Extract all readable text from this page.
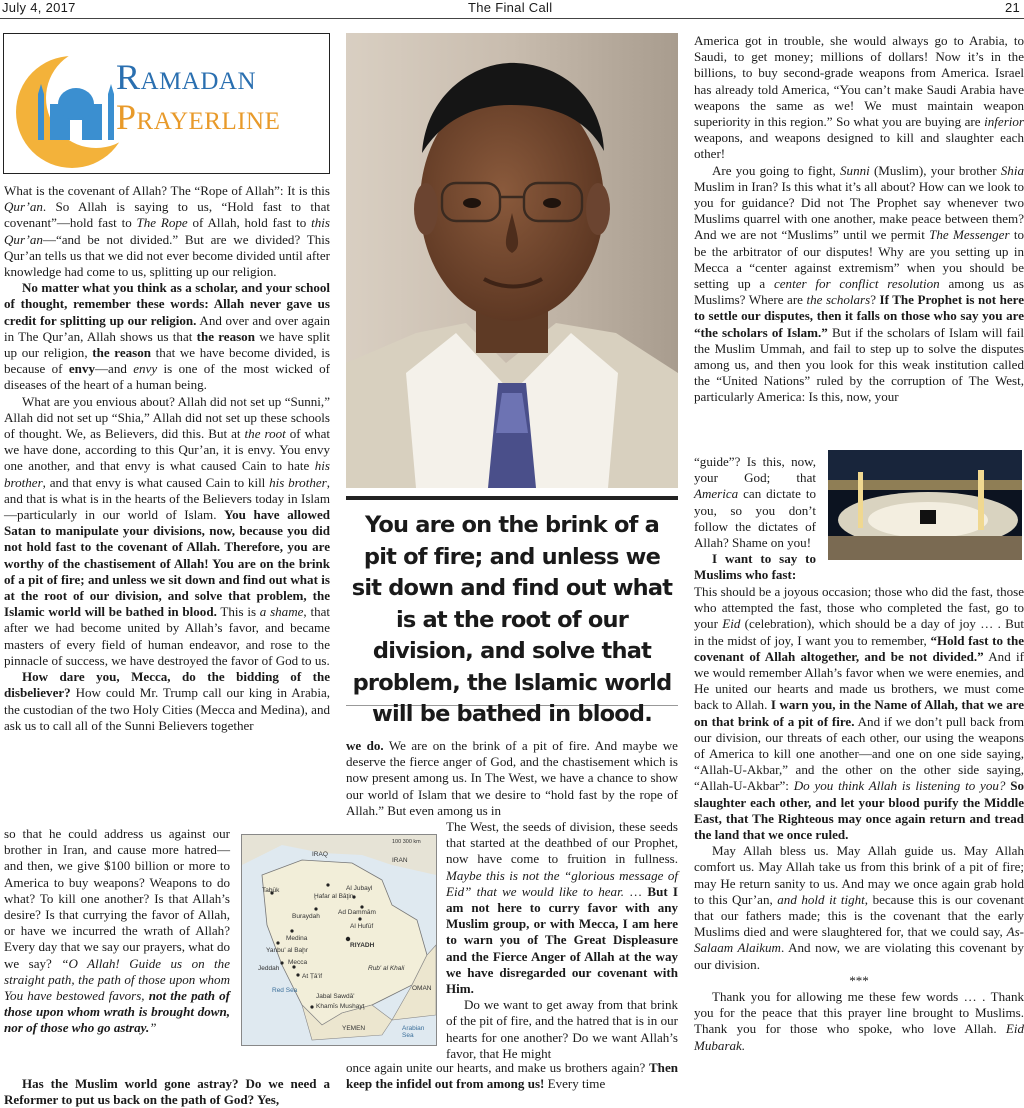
July 4, 2017	The Final Call	21
Ramadan
Prayerline

What is the covenant of Allah? The “Rope of Allah”: It is this Qur’an. So Allah is saying to us, “Hold fast to that covenant”—hold fast to The Rope of Allah, hold fast to this Qur’an—“and be not divided.” But are we divided? This Qur’an tells us that we did not ever become divided until after knowledge had come to us, splitting up our religion.

No matter what you think as a scholar, and your school of thought, remember these words: Allah never gave us credit for splitting up our religion. And over and over again in The Qur’an, Allah shows us that the reason we have split up our religion, the reason that we have become divided, is because of envy—and envy is one of the most wicked of diseases of the heart of a human being.

What are you envious about? Allah did not set up “Sunni,” Allah did not set up “Shia,” Allah did not set up these schools of thought. We, as Believers, did this. But at the root of what we have done, according to this Qur’an, it is envy. You envy one another, and that envy is what caused Cain to hate his brother, and that envy is what caused Cain to kill his brother, and that is what is in the hearts of the Believers today in Islam—particularly in our world of Islam. You have allowed Satan to manipulate your divisions, now, because you did not hold fast to the covenant of Allah. Therefore, you are worthy of the chastisement of Allah! You are on the brink of a pit of fire; and unless we sit down and find out what is at the root of our division, and solve that problem, the Islamic world will be bathed in blood. This is a shame, that after we had become united by Allah’s favor, and became masters of every field of human endeavor, and rose to the pinnacle of success, we have destroyed the favor of God to us.

How dare you, Mecca, do the bidding of the disbeliever? How could Mr. Trump call our king in Arabia, the custodian of the two Holy Cities (Mecca and Medina), and ask us to call all of the Sunni Believers together

so that he could address us against our brother in Iran, and cause more hatred—and then, we give $100 billion or more to America to buy weapons? Weapons to do what? To kill one another? Is that Allah’s desire? Is that currying the favor of Allah, or have we incurred the wrath of Allah? Every day that we say our prayers, what do we say? “O Allah! Guide us on the straight path, the path of those upon whom You have bestowed favors, not the path of those upon whom wrath is brought down, nor of those who go astray.”

Has the Muslim world gone astray? Do we need a Reformer to put us back on the path of God? Yes,

IRAQ
IRAN
Tabūk
Ḩafar al Bāţin
Buraydah
Al Jubayl
Ad Dammām
Al Hufūf
Medina
Yanbu' al Baḩr
RIYADH
Jeddah
Mecca
At Ṭā'if
Jabal Sawdā'
Khamīs Mushayţ
Red Sea
YEMEN
OMAN
Arabian Sea
Rub' al Khali
100 300 km
You are on the brink of a pit of fire; and unless we sit down and find out what is at the root of our division, and solve that problem, the Islamic world will be bathed in blood.

we do. We are on the brink of a pit of fire. And maybe we deserve the fierce anger of God, and the chastisement which is now present among us. In The West, we have a chance to show our world of Islam that we desire to “hold fast by the rope of Allah.” But even among us in

The West, the seeds of division, these seeds that started at the deathbed of our Prophet, now have come to fruition in fullness. Maybe this is not the “glorious message of Eid” that we would like to hear. … But I am not here to curry favor with any Muslim group, or with Mecca, I am here to warn you of The Great Displeasure and the Fierce Anger of Allah at the way we have disregarded our covenant with Him.

Do we want to get away from that brink of the pit of fire, and the hatred that is in our hearts for one another? Do we want Allah’s favor, that He might

once again unite our hearts, and make us brothers again? Then keep the infidel out from among us! Every time

America got in trouble, she would always go to Arabia, to Saudi, to get money; millions of dollars! Now it’s in the billions, to buy second-grade weapons from America. Israel has already told America, “You can’t make Saudi Arabia have weapons the same as we! We must maintain weapon superiority in this region.” So what you are buying are inferior weapons, and weapons designed to kill and slaughter each other!

Are you going to fight, Sunni (Muslim), your brother Shia Muslim in Iran? Is this what it’s all about? How can we look to you for guidance? Did not The Prophet say whenever two Muslims quarrel with one another, make peace between them? And we are not “Muslims” until we permit The Messenger to be the arbitrator of our disputes! Why are you setting up in Mecca a “center against extremism” when you should be setting up a center for conflict resolution among us as Muslims? Where are the scholars? If The Prophet is not here to settle our disputes, then it falls on those who say you are “the scholars of Islam.” But if the scholars of Islam will fail the Muslim Ummah, and fail to step up to solve the disputes among us, and then you look for this weak institution called the “United Nations” ruled by the corruption of The West, particularly America: Is this, now, your

“guide”? Is this, now, your God; that America can dictate to you, so you don’t follow the dictates of Allah? Shame on you!

I want to say to Muslims who fast:

This should be a joyous occasion; those who did the fast, those who attempted the fast, those who completed the fast, go to your Eid (celebration), which should be a day of joy … . But in the midst of joy, I want you to remember, “Hold fast to the covenant of Allah altogether, and be not divided.” And if we would remember Allah’s favor when we were enemies, and He united our hearts and made us brothers, we must come back to Allah. I warn you, in the Name of Allah, that we are on that brink of a pit of fire. And if we don’t pull back from our division, our threats of each other, our using the weapons of America to kill one another—and one on one side saying, “Allah-U-Akbar,” and the other on the other side saying, “Allah-U-Akbar”: Do you think Allah is listening to you? So slaughter each other, and let your blood purify the Middle East, that The Righteous may once again return and tread the land that we once ruled.

May Allah bless us. May Allah guide us. May Allah comfort us. May Allah take us from this brink of a pit of fire; may He return sanity to us. And may we once again grab hold to this Qur’an, and hold it tight, because this is our covenant that our fathers made; this is the covenant that the early Muslims died and were slaughtered for, that we could say, As-Salaam Alaikum. And now, we are violating this covenant by our division.

***

Thank you for allowing me these few words … . Thank you for the peace that this prayer line brought to Muslims. Thank you for those who spoke, who love Allah. Eid Mubarak.
